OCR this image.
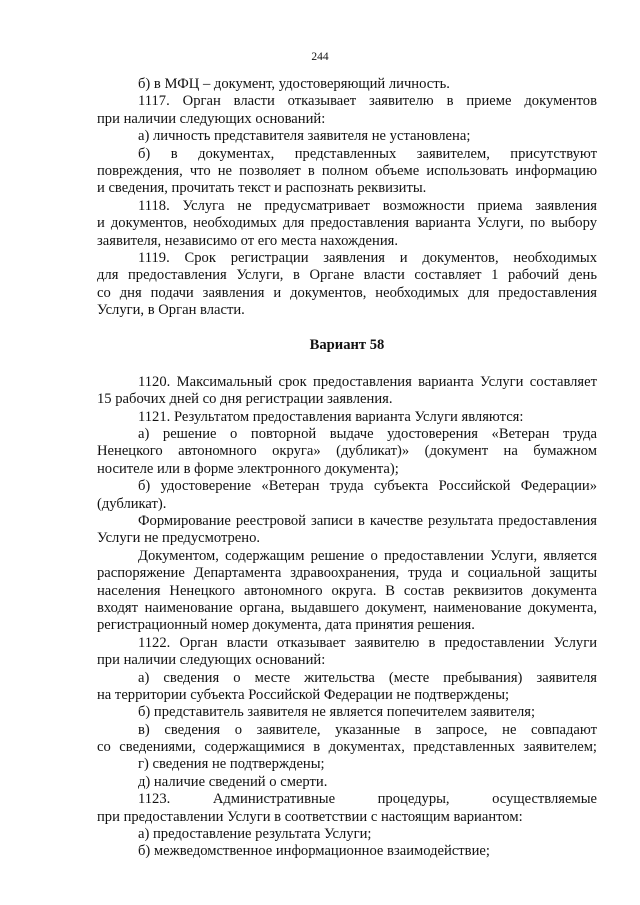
244
б) в МФЦ – документ, удостоверяющий личность.
1117. Орган власти отказывает заявителю в приеме документов
при наличии следующих оснований:
а) личность представителя заявителя не установлена;
б) в документах, представленных заявителем, присутствуют
повреждения, что не позволяет в полном объеме использовать информацию
и сведения, прочитать текст и распознать реквизиты.
1118. Услуга не предусматривает возможности приема заявления
и документов, необходимых для предоставления варианта Услуги, по выбору
заявителя, независимо от его места нахождения.
1119. Срок регистрации заявления и документов, необходимых
для предоставления Услуги, в Органе власти составляет 1 рабочий день
со дня подачи заявления и документов, необходимых для предоставления
Услуги, в Орган власти.
Вариант 58
1120. Максимальный срок предоставления варианта Услуги составляет
15 рабочих дней со дня регистрации заявления.
1121. Результатом предоставления варианта Услуги являются:
а) решение о повторной выдаче удостоверения «Ветеран труда
Ненецкого автономного округа» (дубликат)» (документ на бумажном
носителе или в форме электронного документа);
б) удостоверение «Ветеран труда субъекта Российской Федерации»
(дубликат).
Формирование реестровой записи в качестве результата предоставления
Услуги не предусмотрено.
Документом, содержащим решение о предоставлении Услуги, является
распоряжение Департамента здравоохранения, труда и социальной защиты
населения Ненецкого автономного округа. В состав реквизитов документа
входят наименование органа, выдавшего документ, наименование документа,
регистрационный номер документа, дата принятия решения.
1122. Орган власти отказывает заявителю в предоставлении Услуги
при наличии следующих оснований:
а) сведения о месте жительства (месте пребывания) заявителя
на территории субъекта Российской Федерации не подтверждены;
б) представитель заявителя не является попечителем заявителя;
в) сведения о заявителе, указанные в запросе, не совпадают
со сведениями, содержащимися в документах, представленных заявителем;
г) сведения не подтверждены;
д) наличие сведений о смерти.
1123. Административные процедуры, осуществляемые
при предоставлении Услуги в соответствии с настоящим вариантом:
а) предоставление результата Услуги;
б) межведомственное информационное взаимодействие;
